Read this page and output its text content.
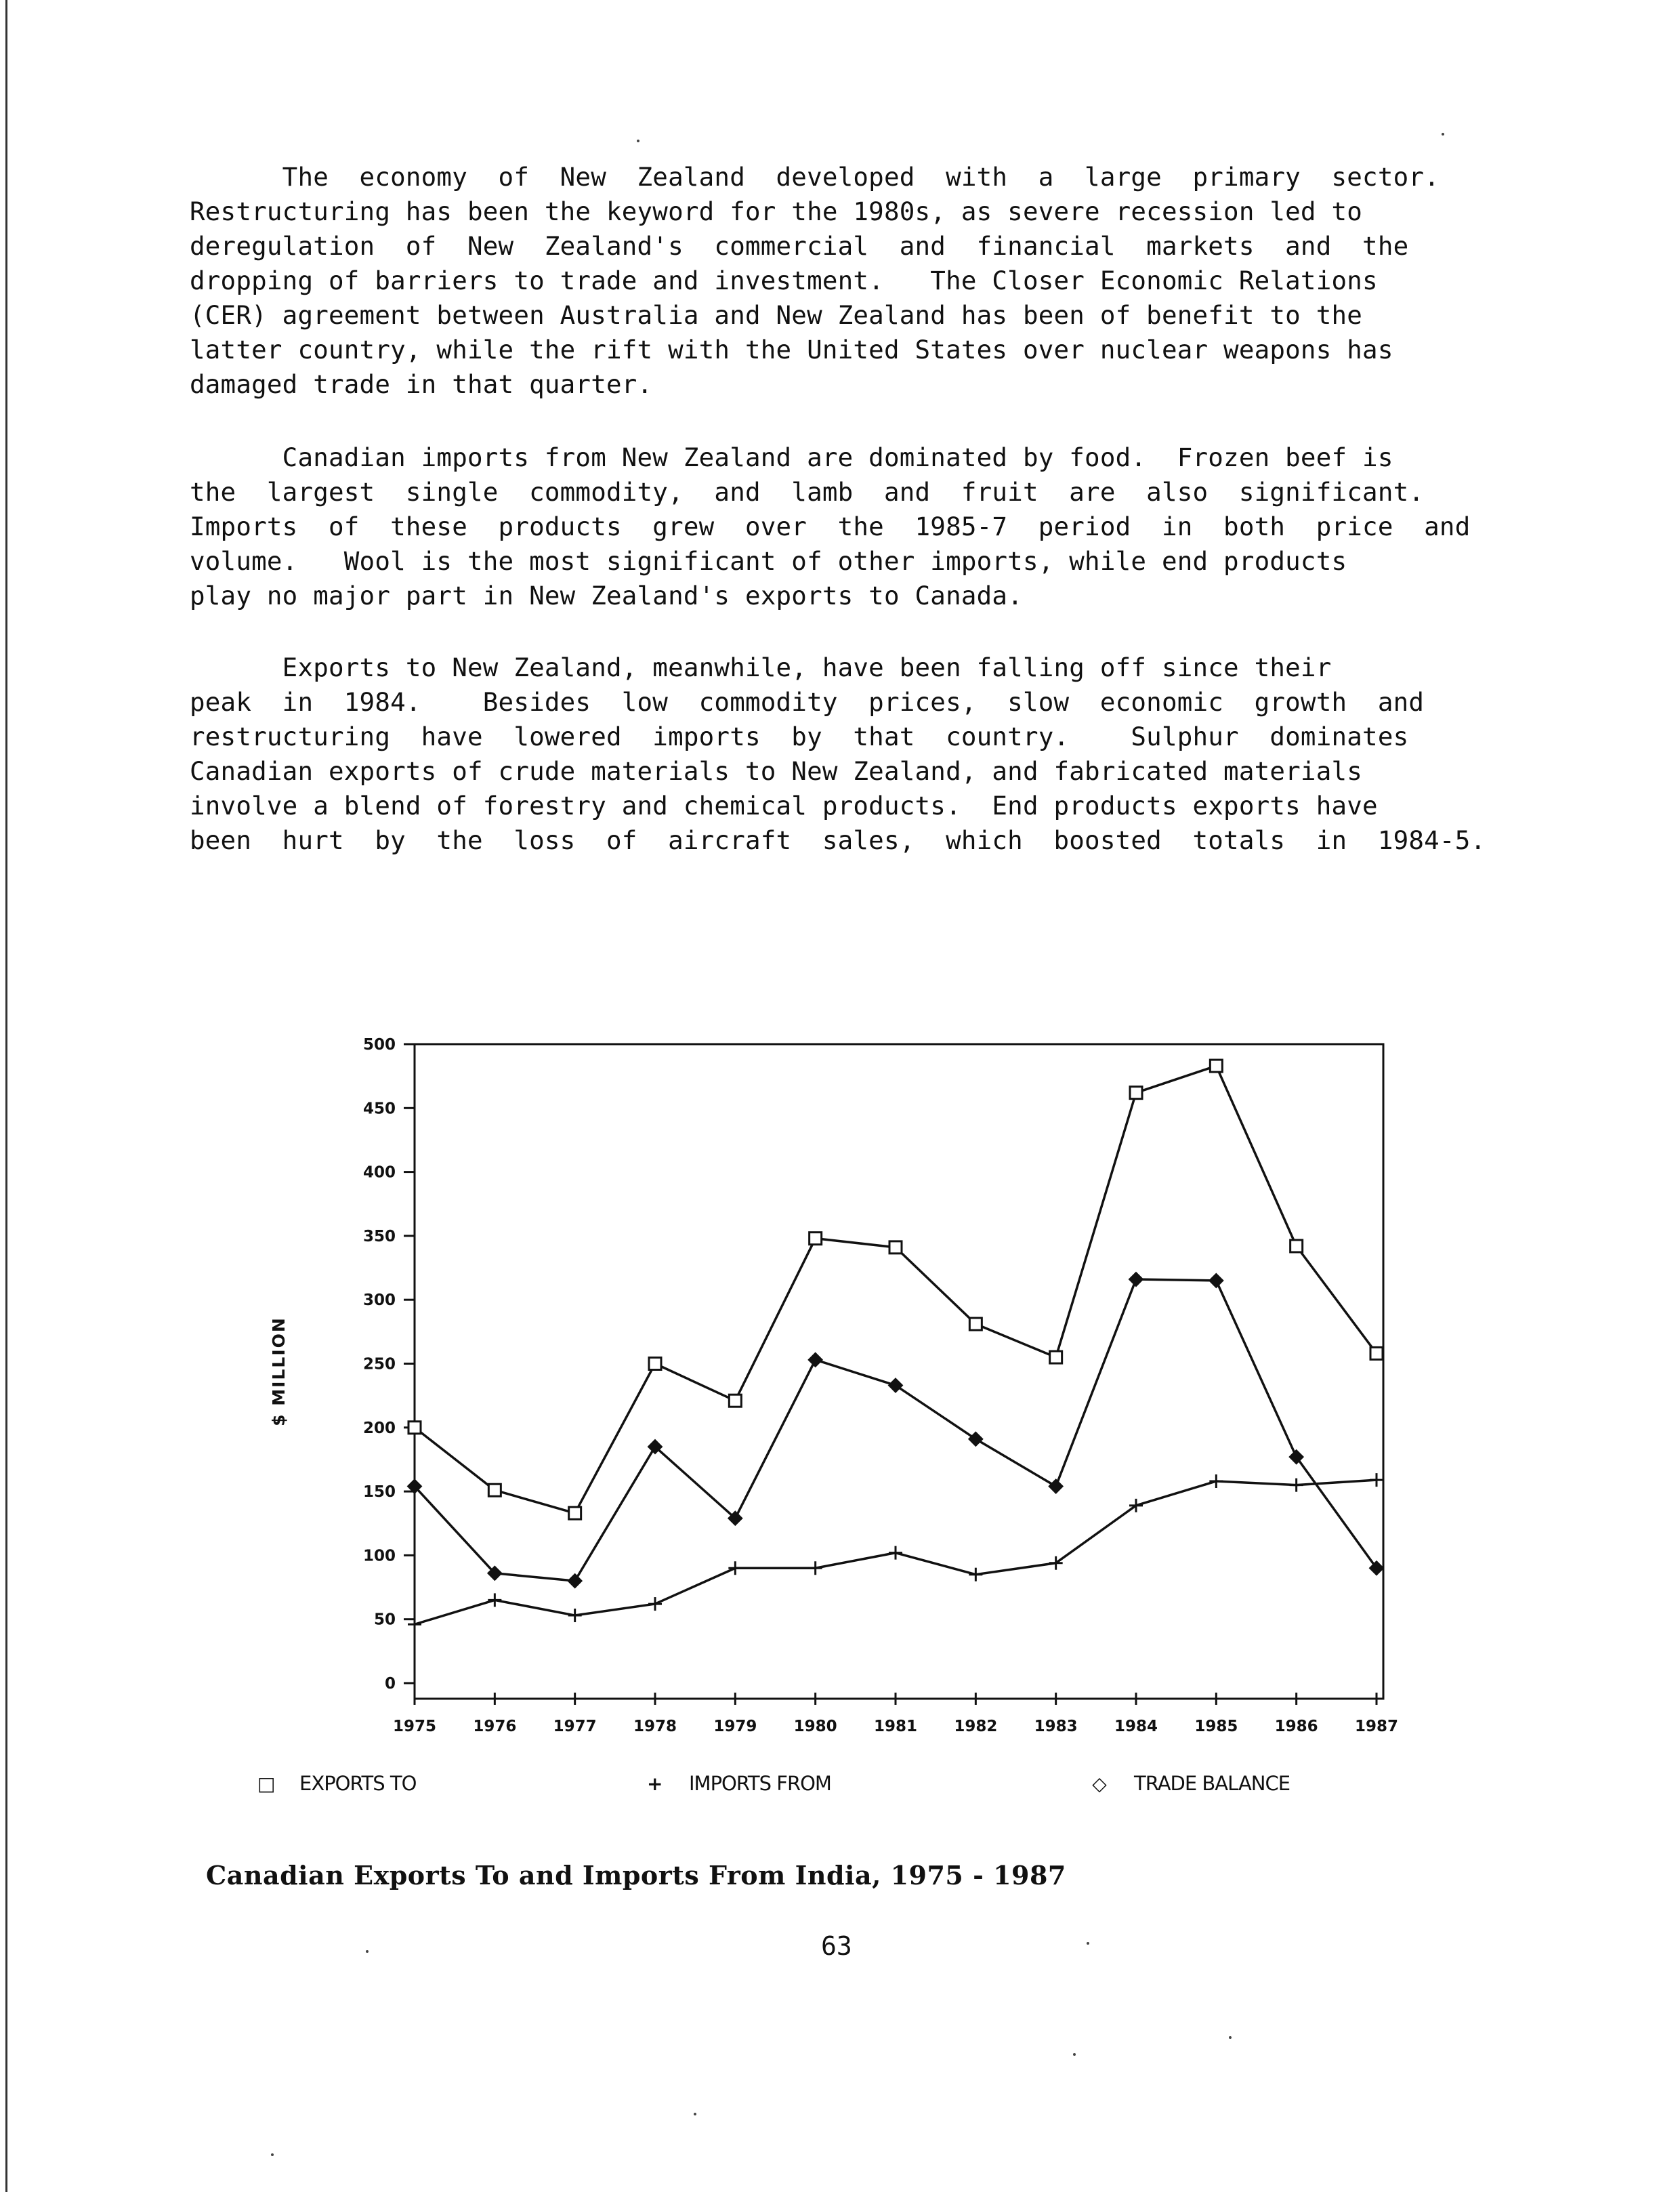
The  economy  of  New  Zealand  developed  with  a  large  primary  sector.
Restructuring has been the keyword for the 1980s, as severe recession led to
deregulation  of  New  Zealand's  commercial  and  financial  markets  and  the
dropping of barriers to trade and investment.   The Closer Economic Relations
(CER) agreement between Australia and New Zealand has been of benefit to the
latter country, while the rift with the United States over nuclear weapons has
damaged trade in that quarter.
Canadian imports from New Zealand are dominated by food.  Frozen beef is
the  largest  single  commodity,  and  lamb  and  fruit  are  also  significant.
Imports  of  these  products  grew  over  the  1985-7  period  in  both  price  and
volume.   Wool is the most significant of other imports, while end products
play no major part in New Zealand's exports to Canada.
Exports to New Zealand, meanwhile, have been falling off since their
peak  in  1984.    Besides  low  commodity  prices,  slow  economic  growth  and
restructuring  have  lowered  imports  by  that  country.    Sulphur  dominates
Canadian exports of crude materials to New Zealand, and fabricated materials
involve a blend of forestry and chemical products.  End products exports have
been  hurt  by  the  loss  of  aircraft  sales,  which  boosted  totals  in  1984-5.
0
50
100
150
200
250
300
350
400
450
500
1975 1976 1977 1978 1979 1980 1981 1982 1983 1984 1985 1986 1987
$ MILLION
□ EXPORTS TO	+ IMPORTS FROM	◇ TRADE BALANCE
Canadian Exports To and Imports From India, 1975 - 1987
63
